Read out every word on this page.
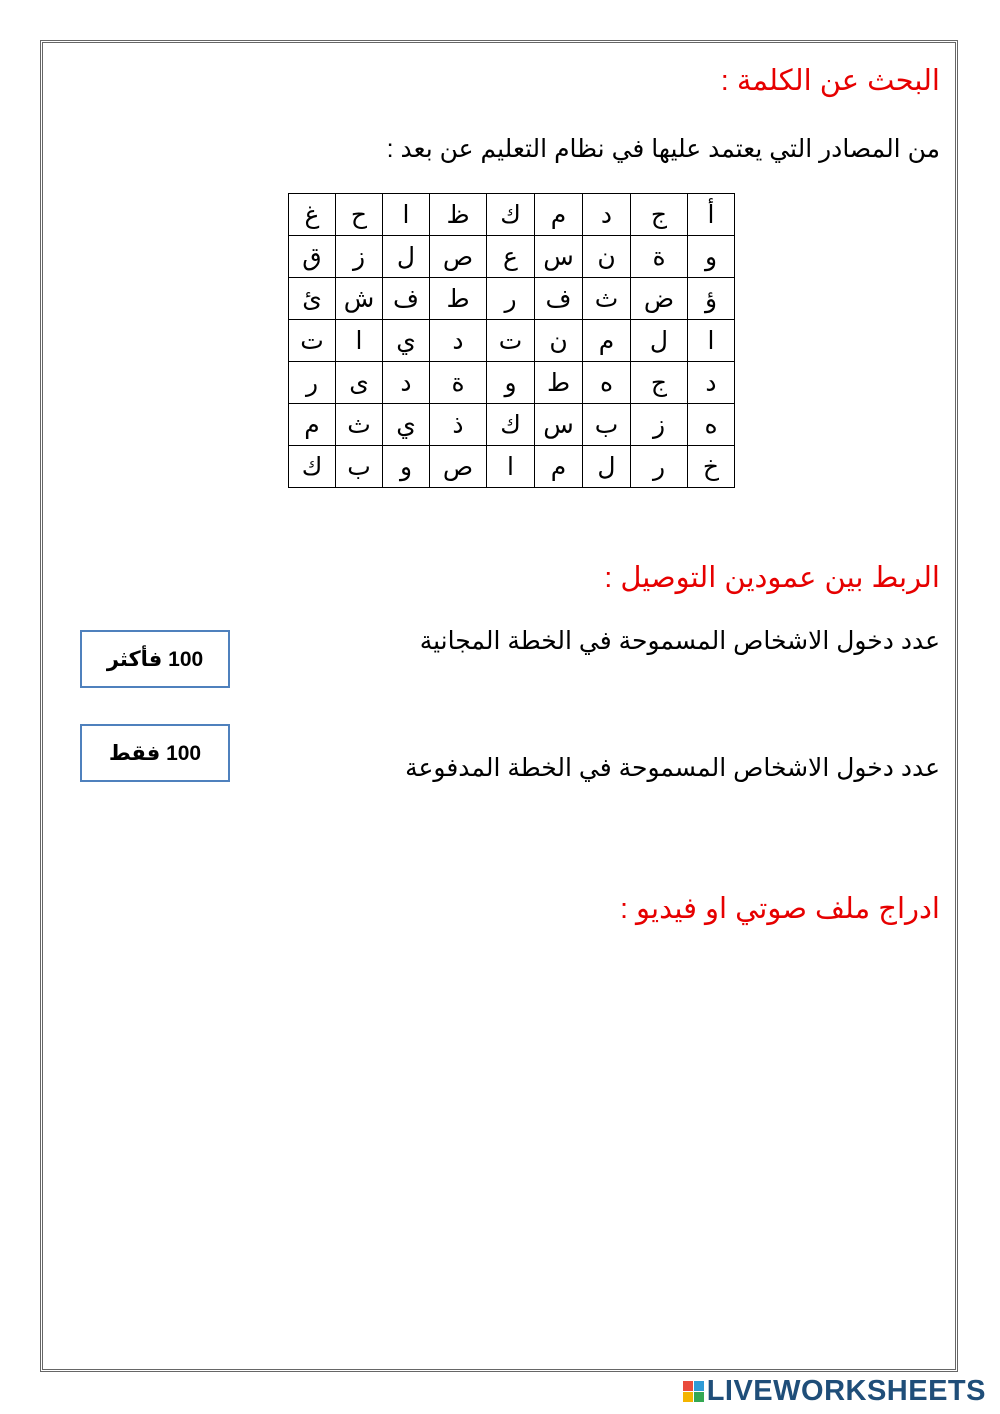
البحث عن الكلمة :
من المصادر التي يعتمد عليها في نظام التعليم عن بعد :
أ	ج	د	م	ك	ظ	ا	ح	غ
و	ة	ن	س	ع	ص	ل	ز	ق
ؤ	ض	ث	ف	ر	ط	ف	ش	ئ
ا	ل	م	ن	ت	د	ي	ا	ت
د	ج	ه	ط	و	ة	د	ى	ر
ه	ز	ب	س	ك	ذ	ي	ث	م
خ	ر	ل	م	ا	ص	و	ب	ك
الربط بين عمودين التوصيل :
عدد دخول الاشخاص المسموحة في الخطة المجانية
عدد دخول الاشخاص المسموحة في الخطة المدفوعة
100 فأكثر
100 فقط
ادراج ملف صوتي او فيديو :
LIVEWORKSHEETS
